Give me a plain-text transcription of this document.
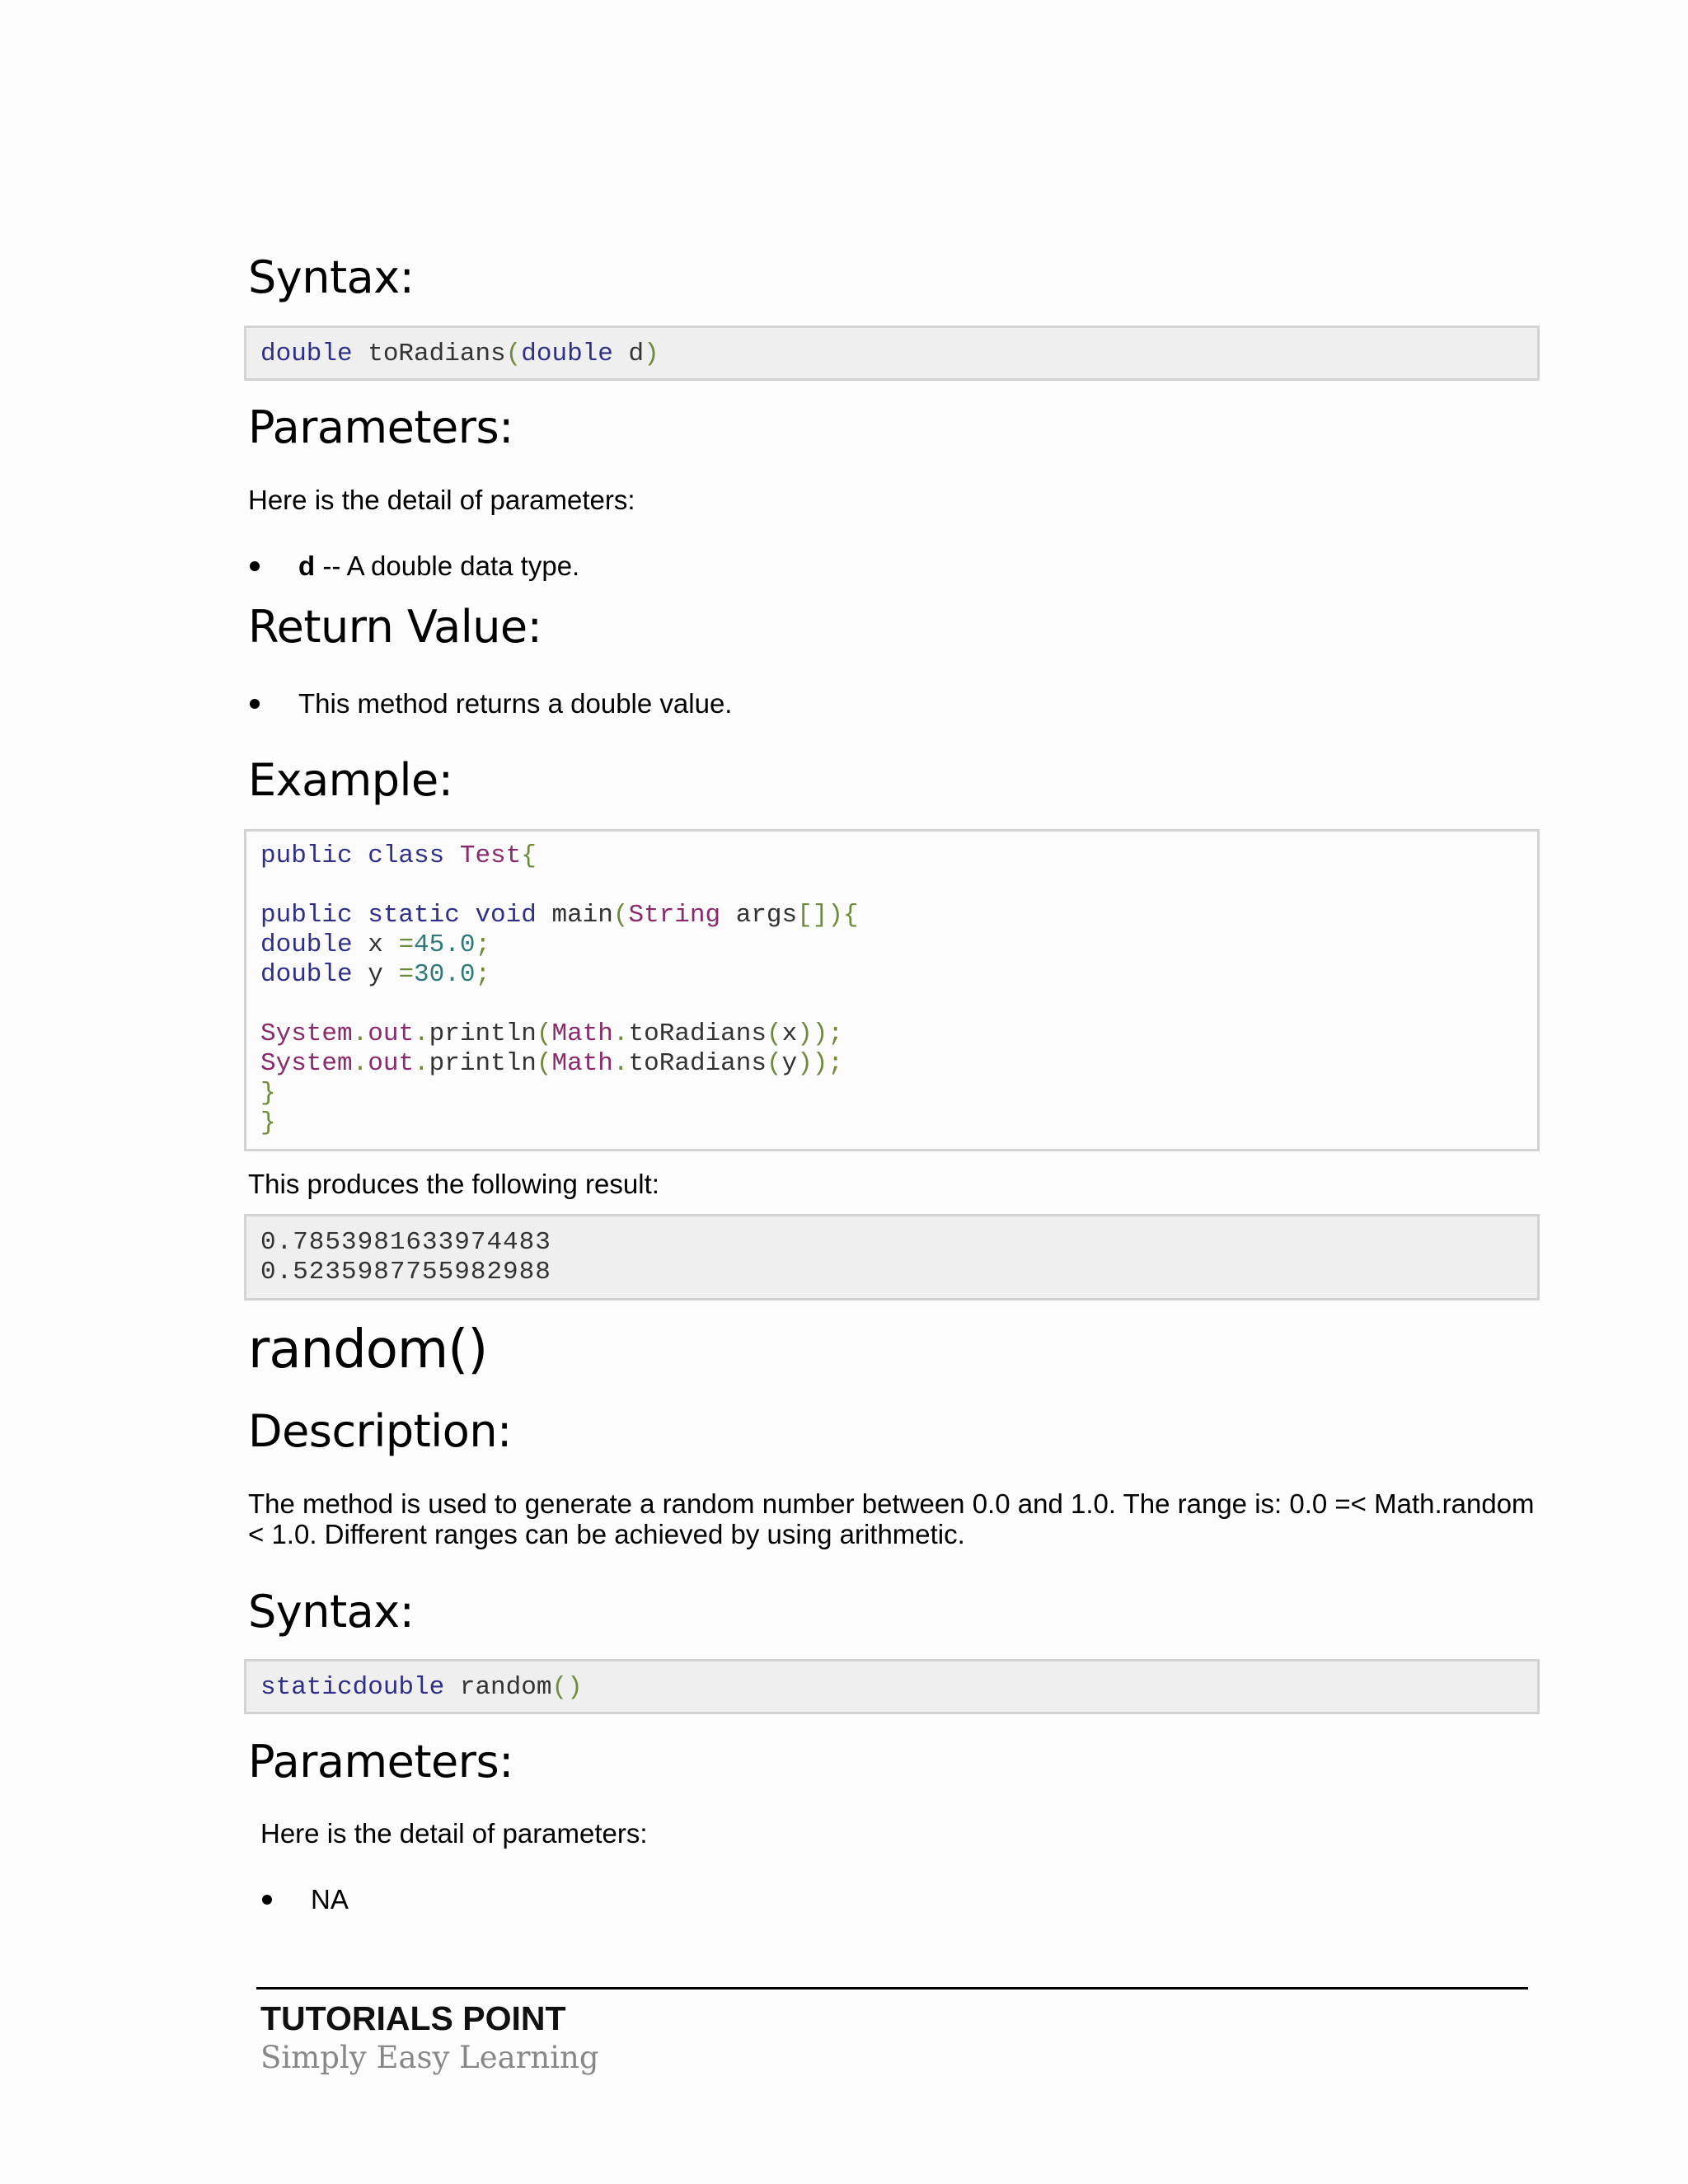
Syntax:
double toRadians(double d)
Parameters:
Here is the detail of parameters:
d -- A double data type.
Return Value:
This method returns a double value.
Example:
public class Test{

public static void main(String args[]){
double x =45.0;
double y =30.0;

System.out.println(Math.toRadians(x));
System.out.println(Math.toRadians(y));
}
}
This produces the following result:
0.7853981633974483
0.5235987755982988
random()
Description:
The method is used to generate a random number between 0.0 and 1.0. The range is: 0.0 =< Math.random < 1.0. Different ranges can be achieved by using arithmetic.
Syntax:
staticdouble random()
Parameters:
Here is the detail of parameters:
NA
TUTORIALS POINT
Simply Easy Learning
